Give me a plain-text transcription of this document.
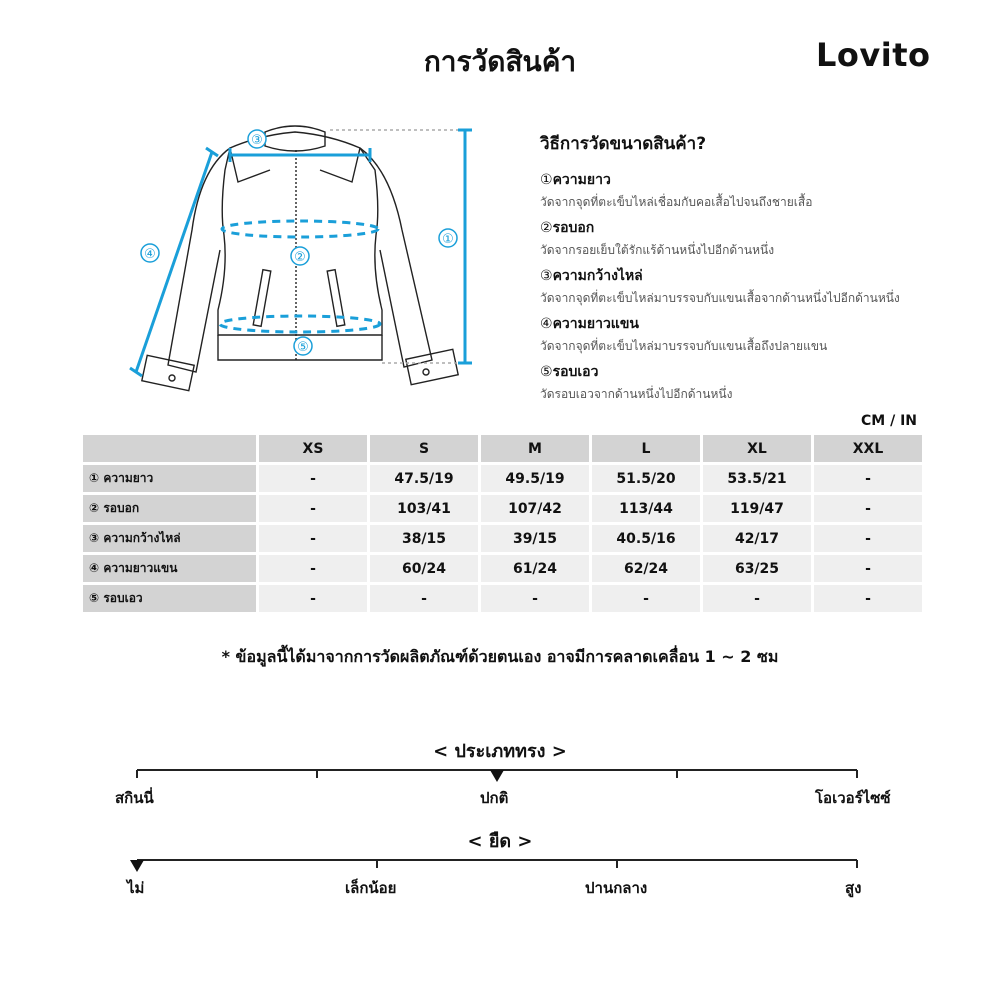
การวัดสินค้า	Lovito
③
②
④
①
⑤
วิธีการวัดขนาดสินค้า?
①ความยาว
วัดจากจุดที่ตะเข็บไหล่เชื่อมกับคอเสื้อไปจนถึงชายเสื้อ
②รอบอก
วัดจากรอยเย็บใต้รักแร้ด้านหนึ่งไปอีกด้านหนึ่ง
③ความกว้างไหล่
วัดจากจุดที่ตะเข็บไหล่มาบรรจบกับแขนเสื้อจากด้านหนึ่งไปอีกด้านหนึ่ง
④ความยาวแขน
วัดจากจุดที่ตะเข็บไหล่มาบรรจบกับแขนเสื้อถึงปลายแขน
⑤รอบเอว
วัดรอบเอวจากด้านหนึ่งไปอีกด้านหนึ่ง
CM / IN
	XS	S	M	L	XL	XXL
① ความยาว	-	47.5/19	49.5/19	51.5/20	53.5/21	-
② รอบอก	-	103/41	107/42	113/44	119/47	-
③ ความกว้างไหล่	-	38/15	39/15	40.5/16	42/17	-
④ ความยาวแขน	-	60/24	61/24	62/24	63/25	-
⑤ รอบเอว	-	-	-	-	-	-
* ข้อมูลนี้ได้มาจากการวัดผลิตภัณฑ์ด้วยตนเอง อาจมีการคลาดเคลื่อน 1 ~ 2 ซม
< ประเภททรง >
สกินนี่	ปกติ	โอเวอร์ไซซ์
< ยืด >
ไม่	เล็กน้อย	ปานกลาง	สูง
